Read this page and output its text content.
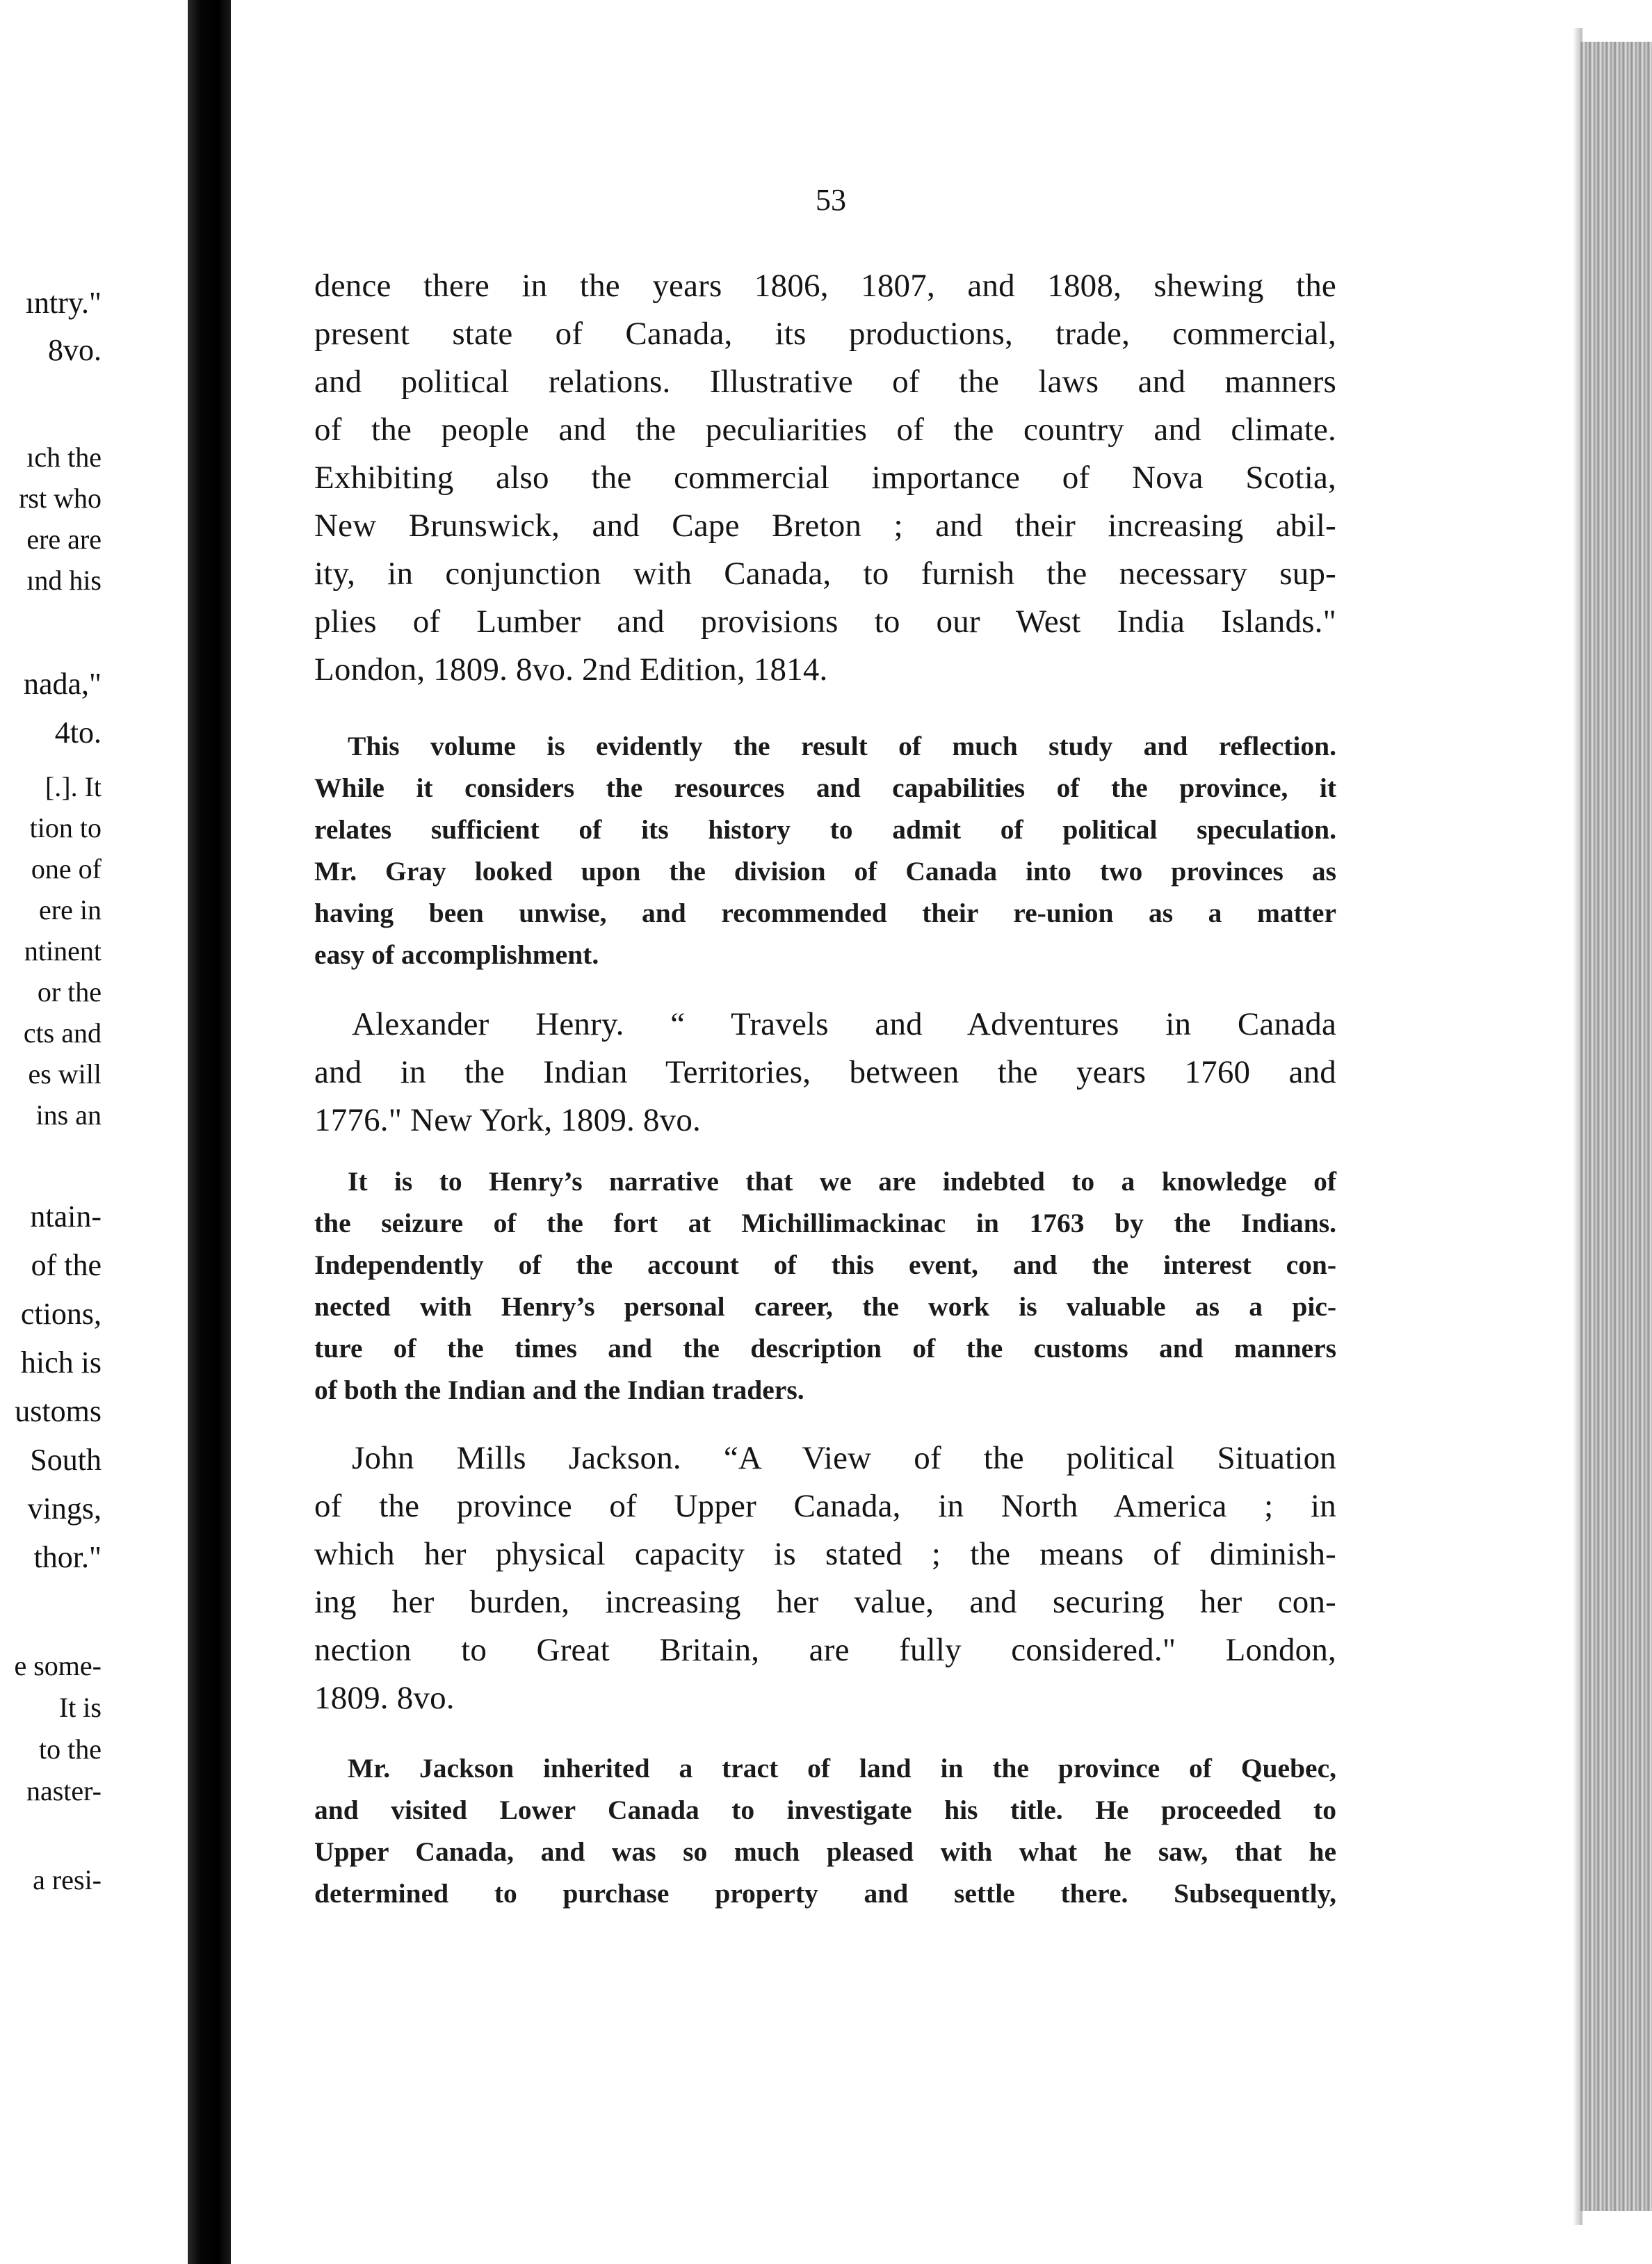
ıntry."
8vo.
ıch the
rst who
ere are
ınd his
nada,"
4to.
[.]. It
tion to
one of
ere in
ntinent
or the
cts and
es will
ins an
ntain-
of the
ctions,
hich is
ustoms
South
vings,
thor."
e some-
It is
to the
naster-
a resi-
53
dence there in the years 1806, 1807, and 1808, shewing the
present state of Canada, its productions, trade, commercial,
and political relations. Illustrative of the laws and manners
of the people and the peculiarities of the country and climate.
Exhibiting also the commercial importance of Nova Scotia,
New Brunswick, and Cape Breton ; and their increasing abil-
ity, in conjunction with Canada, to furnish the necessary sup-
plies of Lumber and provisions to our West India Islands."
London, 1809. 8vo. 2nd Edition, 1814.
This volume is evidently the result of much study and reflection.
While it considers the resources and capabilities of the province, it
relates sufficient of its history to admit of political speculation.
Mr. Gray looked upon the division of Canada into two provinces as
having been unwise, and recommended their re-union as a matter
easy of accomplishment.
Alexander Henry. “ Travels and Adventures in Canada
and in the Indian Territories, between the years 1760 and
1776." New York, 1809. 8vo.
It is to Henry’s narrative that we are indebted to a knowledge of
the seizure of the fort at Michillimackinac in 1763 by the Indians.
Independently of the account of this event, and the interest con-
nected with Henry’s personal career, the work is valuable as a pic-
ture of the times and the description of the customs and manners
of both the Indian and the Indian traders.
John Mills Jackson. “A View of the political Situation
of the province of Upper Canada, in North America ; in
which her physical capacity is stated ; the means of diminish-
ing her burden, increasing her value, and securing her con-
nection to Great Britain, are fully considered." London,
1809. 8vo.
Mr. Jackson inherited a tract of land in the province of Quebec,
and visited Lower Canada to investigate his title. He proceeded to
Upper Canada, and was so much pleased with what he saw, that he
determined to purchase property and settle there. Subsequently,
